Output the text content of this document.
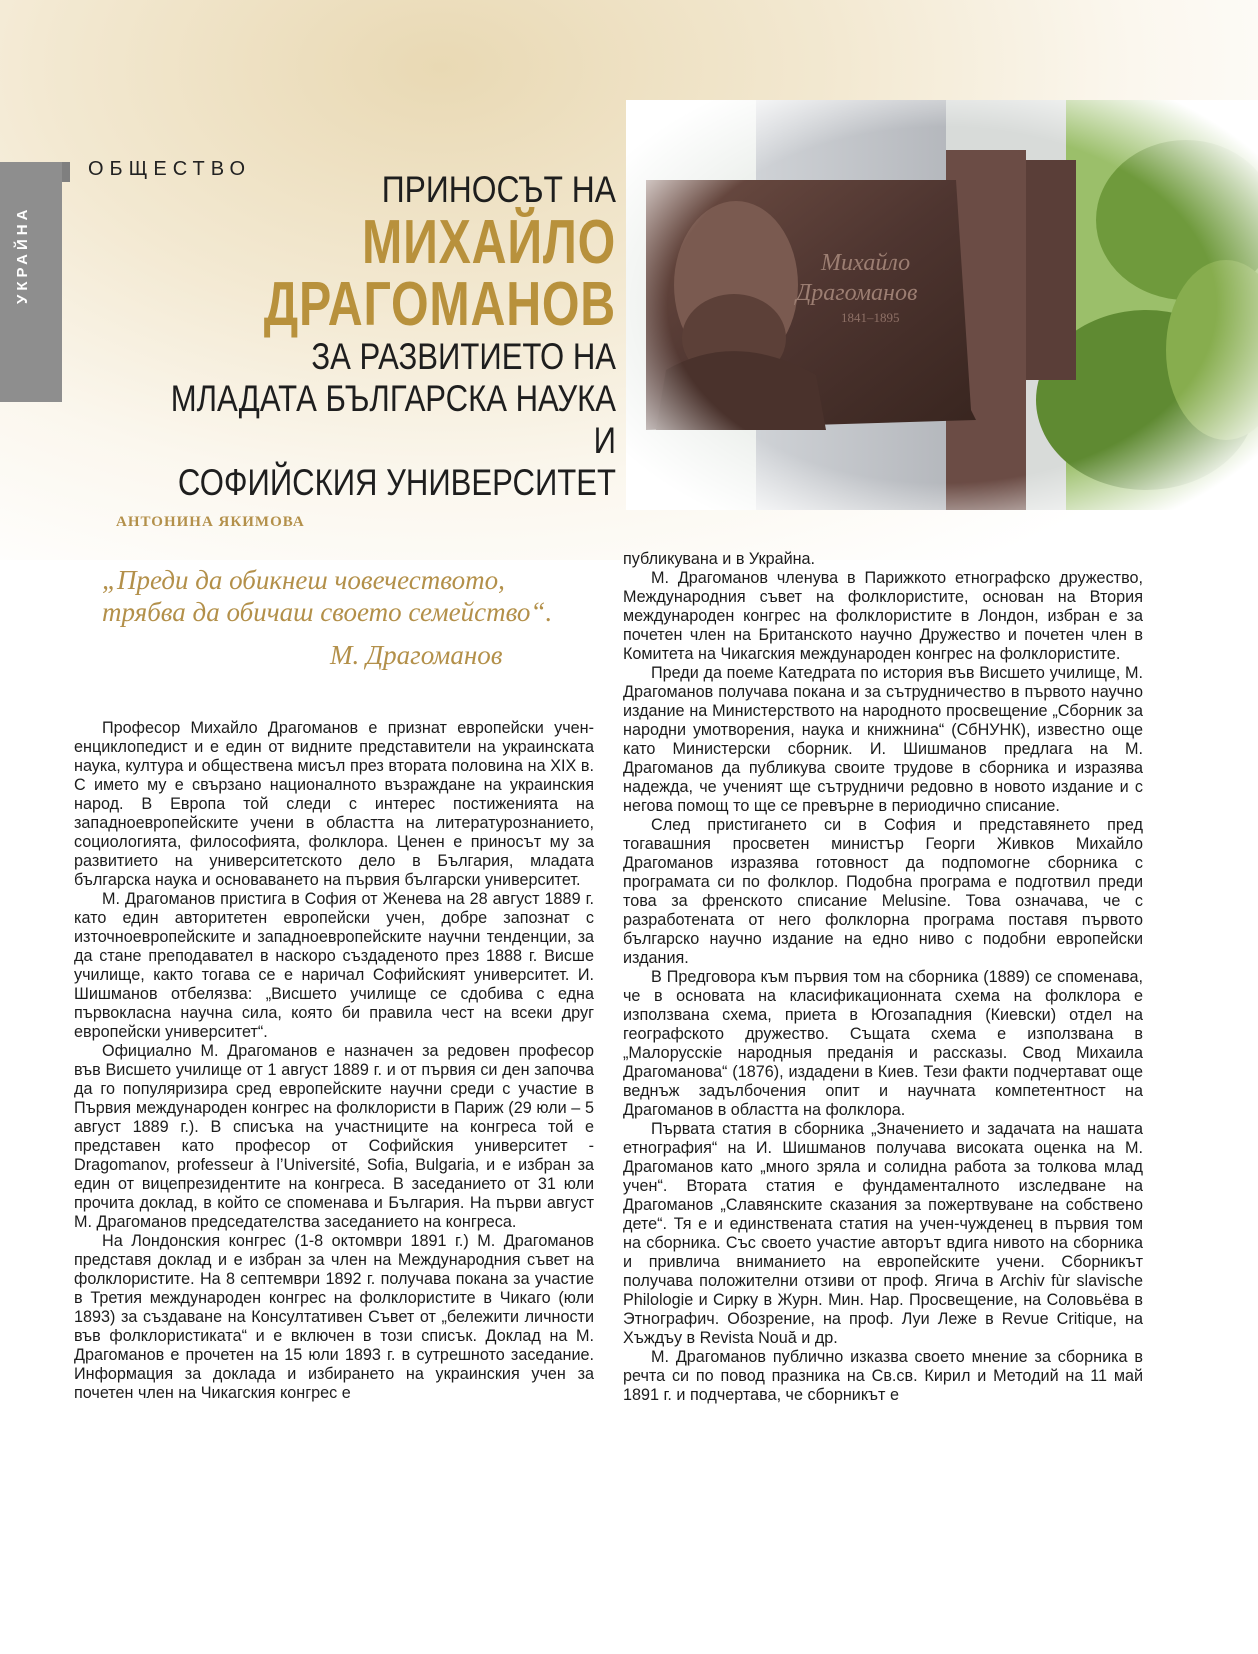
УКРАЙНА
ОБЩЕСТВО	ПРИНОСЪТ НА
МИХАЙЛО
ДРАГОМАНОВ
ЗА РАЗВИТИЕТО НА
МЛАДАТА БЪЛГАРСКА НАУКА И
СОФИЙСКИЯ УНИВЕРСИТЕТ
АНТОНИНА ЯКИМОВА
„Преди да обикнеш човечеството,
трябва да обичаш своето семейство“.
М. Драгоманов

Професор Михайло Драгоманов е признат европейски учен-енциклопедист и е един от видните представители на украинската наука, култура и обществена мисъл през втората половина на XIX в. С името му е свързано националното възраждане на украинския народ. В Европа той следи с интерес постиженията на западноевропейските учени в областта на литературознанието, социологията, философията, фолклора. Ценен е приносът му за развитието на университетското дело в България, младата българска наука и основаването на първия български университет.

М. Драгоманов пристига в София от Женева на 28 август 1889 г. като един авторитетен европейски учен, добре запознат с източноевропейските и западноевропейските научни тенденции, за да стане преподавател в наскоро създаденото през 1888 г. Висше училище, както тогава се е наричал Софийският университет. И. Шишманов отбелязва: „Висшето училище се сдобива с една първокласна научна сила, която би правила чест на всеки друг европейски университет“.

Официално М. Драгоманов е назначен за редовен професор във Висшето училище от 1 август 1889 г. и от първия си ден започва да го популяризира сред европейските научни среди с участие в Първия международен конгрес на фолклористи в Париж (29 юли – 5 август 1889 г.). В списъка на участниците на конгреса той е представен като професор от Софийския университет - Dragomanov, professeur à l’Université, Sofia, Bulgaria, и е избран за един от вицепрезидентите на конгреса. В заседанието от 31 юли прочита доклад, в който се споменава и България. На първи август М. Драгоманов председателства заседанието на конгреса.

На Лондонския конгрес (1-8 октомври 1891 г.) М. Драгоманов представя доклад и е избран за член на Международния съвет на фолклористите. На 8 септември 1892 г. получава покана за участие в Третия международен конгрес на фолклористите в Чикаго (юли 1893) за създаване на Консултативен Съвет от „бележити личности във фолклористиката“ и е включен в този списък. Доклад на М. Драгоманов е прочетен на 15 юли 1893 г. в сутрешното заседание. Информация за доклада и избирането на украинския учен за почетен член на Чикагския конгрес е

публикувана и в Украйна.

М. Драгоманов членува в Парижкото етнографско дружество, Международния съвет на фолклористите, основан на Втория международен конгрес на фолклористите в Лондон, избран е за почетен член на Британското научно Дружество и почетен член в Комитета на Чикагския международен конгрес на фолклористите.

Преди да поеме Катедрата по история във Висшето училище, М. Драгоманов получава покана и за сътрудничество в първото научно издание на Министерството на народното просвещение „Сборник за народни умотворения, наука и книжнина“ (СбНУНК), известно още като Министерски сборник. И. Шишманов предлага на М. Драгоманов да публикува своите трудове в сборника и изразява надежда, че ученият ще сътрудничи редовно в новото издание и с негова помощ то ще се превърне в периодично списание.

След пристигането си в София и представянето пред тогавашния просветен министър Георги Живков Михайло Драгоманов изразява готовност да подпомогне сборника с програмата си по фолклор. Подобна програма е подготвил преди това за френското списание Melusine. Това означава, че с разработената от него фолклорна програма поставя първото българско научно издание на едно ниво с подобни европейски издания.

В Предговора към първия том на сборника (1889) се споменава, че в основата на класификационната схема на фолклора е използвана схема, приета в Югозападния (Киевски) отдел на географското дружество. Същата схема е използвана в „Малорусскіе народныя преданія и рассказы. Свод Михаила Драгоманова“ (1876), издадени в Киев. Тези факти подчертават още веднъж задълбочения опит и научната компетентност на Драгоманов в областта на фолклора.

Първата статия в сборника „Значението и задачата на нашата етнография“ на И. Шишманов получава високата оценка на М. Драгоманов като „много зряла и солидна работа за толкова млад учен“. Втората статия е фундаменталното изследване на Драгоманов „Славянските сказания за пожертвуване на собствено дете“. Тя е и единствената статия на учен-чужденец в първия том на сборника. Със своето участие авторът вдига нивото на сборника и привлича вниманието на европейските учени. Сборникът получава положителни отзиви от проф. Ягича в Archiv fùr slavische Philologie и Сирку в Журн. Мин. Нар. Просвещение, на Соловьëва в Этнографич. Обозрение, на проф. Луи Леже в Revue Critique, на Хъждъу в Revista Nouă и др.

М. Драгоманов публично изказва своето мнение за сборника в речта си по повод празника на Св.св. Кирил и Методий на 11 май 1891 г. и подчертава, че сборникът е
